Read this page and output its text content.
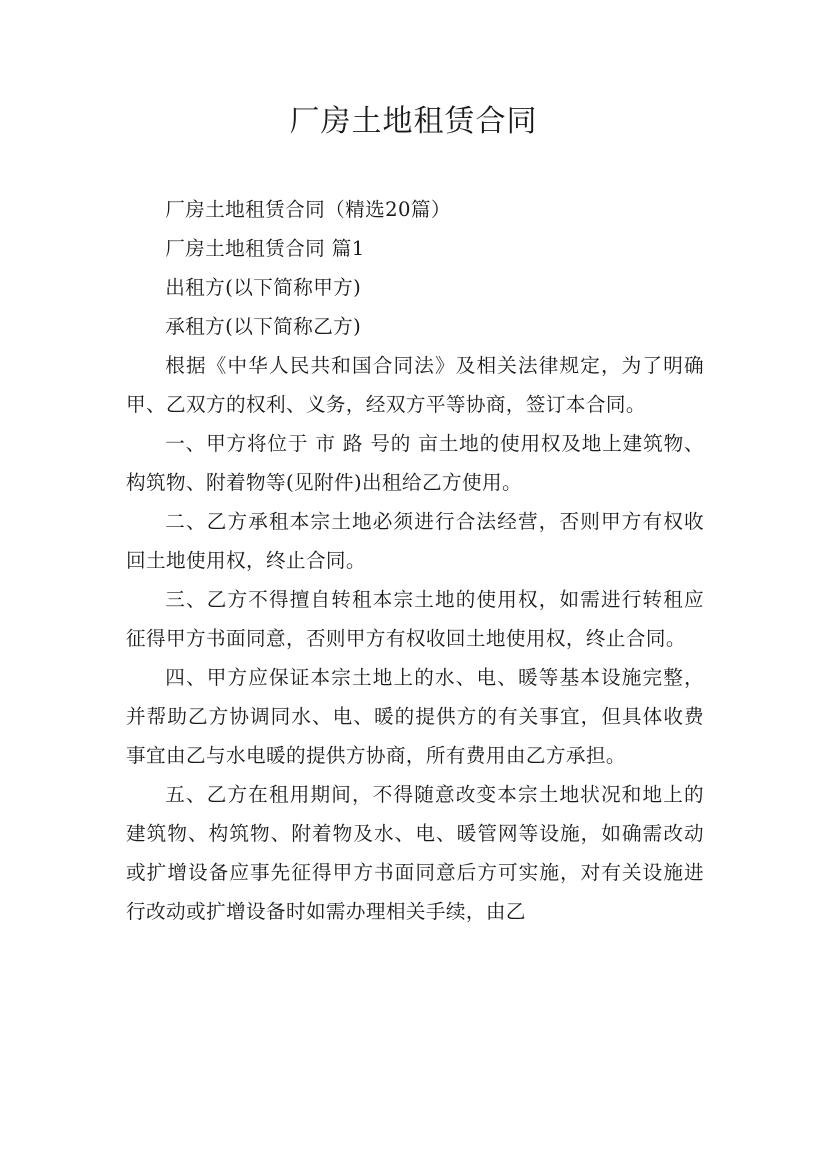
厂房土地租赁合同

厂房土地租赁合同（精选20篇）

厂房土地租赁合同 篇1

出租方(以下简称甲方)

承租方(以下简称乙方)

根据《中华人民共和国合同法》及相关法律规定，为了明确甲、乙双方的权利、义务，经双方平等协商，签订本合同。

一、甲方将位于 市 路 号的 亩土地的使用权及地上建筑物、构筑物、附着物等(见附件)出租给乙方使用。

二、乙方承租本宗土地必须进行合法经营，否则甲方有权收回土地使用权，终止合同。

三、乙方不得擅自转租本宗土地的使用权，如需进行转租应征得甲方书面同意，否则甲方有权收回土地使用权，终止合同。

四、甲方应保证本宗土地上的水、电、暖等基本设施完整，并帮助乙方协调同水、电、暖的提供方的有关事宜，但具体收费事宜由乙与水电暖的提供方协商，所有费用由乙方承担。

五、乙方在租用期间，不得随意改变本宗土地状况和地上的建筑物、构筑物、附着物及水、电、暖管网等设施，如确需改动或扩增设备应事先征得甲方书面同意后方可实施，对有关设施进行改动或扩增设备时如需办理相关手续，由乙
